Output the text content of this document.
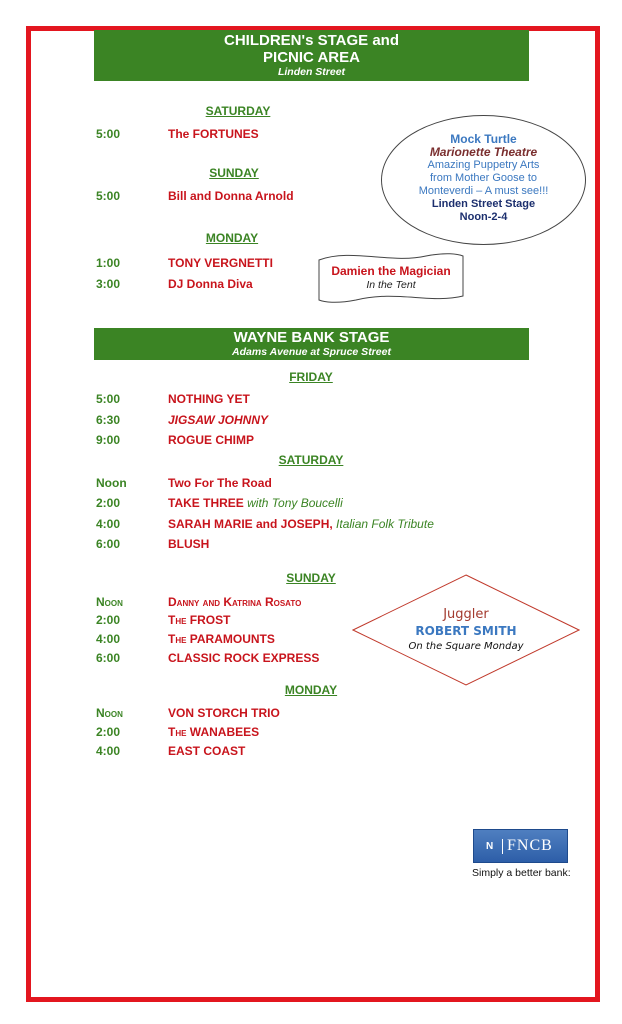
CHILDREN's STAGE and
PICNIC AREA
Linden Street
SATURDAY
5:00	The FORTUNES
SUNDAY
5:00	Bill and Donna Arnold
MONDAY
1:00	TONY VERGNETTI
3:00	DJ Donna Diva
Mock Turtle
Marionette Theatre
Amazing Puppetry Arts
from Mother Goose to
Monteverdi – A must see!!!
Linden Street Stage
Noon-2-4
Damien the Magician
In the Tent
WAYNE BANK STAGE
Adams Avenue at Spruce Street
FRIDAY
5:00	NOTHING YET
6:30	JIGSAW JOHNNY
9:00	ROGUE CHIMP
SATURDAY
Noon	Two For The Road
2:00	TAKE THREE with Tony Boucelli
4:00	SARAH MARIE and JOSEPH, Italian Folk Tribute
6:00	BLUSH
SUNDAY
Noon	Danny and Katrina Rosato
2:00	The FROST
4:00	The PARAMOUNTS
6:00	CLASSIC ROCK EXPRESS
MONDAY
Noon	VON STORCH TRIO
2:00	The WANABEES
4:00	EAST COAST
Juggler
ROBERT SMITH
On the Square Monday
N FNCB
Simply a better bank:
